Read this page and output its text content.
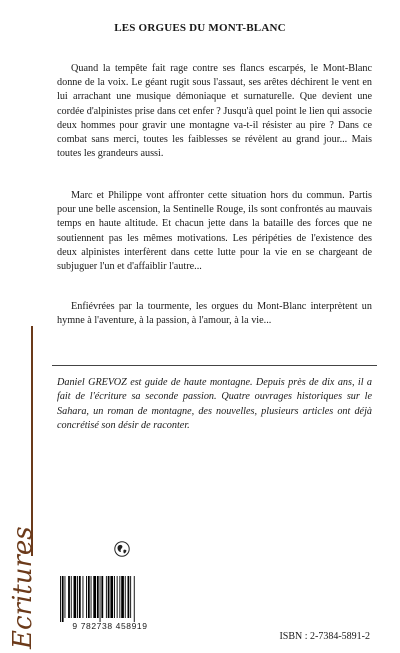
LES ORGUES DU MONT-BLANC

Quand la tempête fait rage contre ses flancs escarpés, le Mont-Blanc donne de la voix. Le géant rugit sous l'assaut, ses arêtes déchirent le vent en lui arrachant une musique démoniaque et surnaturelle. Que devient une cordée d'alpinistes prise dans cet enfer ? Jusqu'à quel point le lien qui associe deux hommes pour gravir une montagne va-t-il résister au pire ? Dans ce combat sans merci, toutes les faiblesses se révèlent au grand jour... Mais toutes les grandeurs aussi.

Marc et Philippe vont affronter cette situation hors du commun. Partis pour une belle ascension, la Sentinelle Rouge, ils sont confrontés au mauvais temps en haute altitude. Et chacun jette dans la bataille des forces que ne soutiennent pas les mêmes motivations. Les péripéties de l'existence des deux alpinistes interfèrent dans cette lutte pour la vie en se chargeant de subjuguer l'un et d'affaiblir l'autre...

Enfiévrées par la tourmente, les orgues du Mont-Blanc interprètent un hymne à l'aventure, à la passion, à l'amour, à la vie...

Daniel GREVOZ est guide de haute montagne. Depuis près de dix ans, il a fait de l'écriture sa seconde passion. Quatre ouvrages historiques sur le Sahara, un roman de montagne, des nouvelles, plusieurs articles ont déjà concrétisé son désir de raconter.
Ecritures	9 782738 458919
ISBN : 2-7384-5891-2
